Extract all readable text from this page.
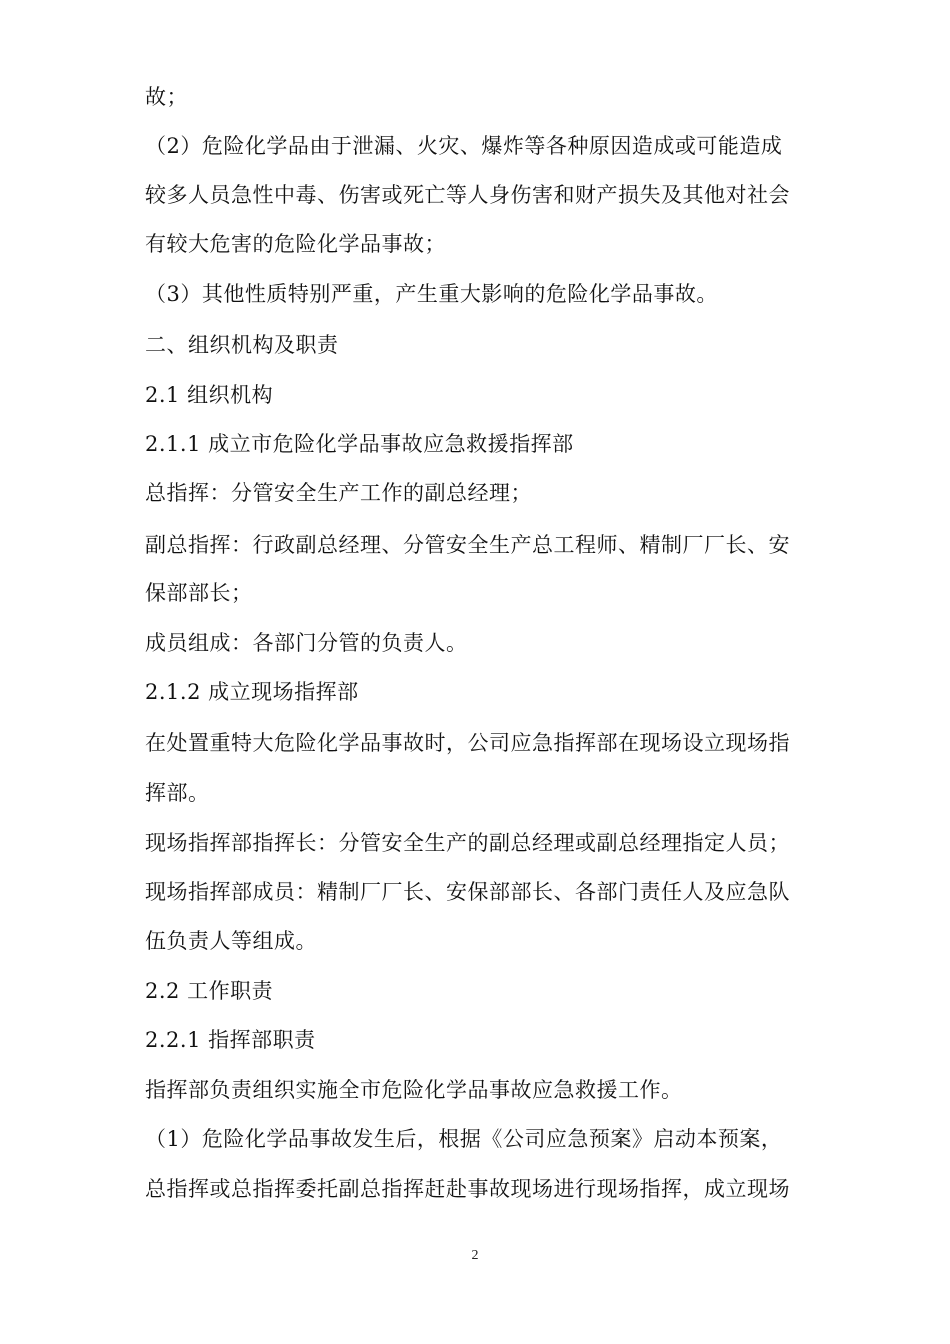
故；
（2）危险化学品由于泄漏、火灾、爆炸等各种原因造成或可能造成
较多人员急性中毒、伤害或死亡等人身伤害和财产损失及其他对社会
有较大危害的危险化学品事故；
（3）其他性质特别严重，产生重大影响的危险化学品事故。
二、组织机构及职责
2.1 组织机构
2.1.1 成立市危险化学品事故应急救援指挥部
总指挥：分管安全生产工作的副总经理；
副总指挥：行政副总经理、分管安全生产总工程师、精制厂厂长、安
保部部长；
成员组成：各部门分管的负责人。
2.1.2 成立现场指挥部
在处置重特大危险化学品事故时，公司应急指挥部在现场设立现场指
挥部。
现场指挥部指挥长：分管安全生产的副总经理或副总经理指定人员；
现场指挥部成员：精制厂厂长、安保部部长、各部门责任人及应急队
伍负责人等组成。
2.2 工作职责
2.2.1 指挥部职责
指挥部负责组织实施全市危险化学品事故应急救援工作。
（1）危险化学品事故发生后，根据《公司应急预案》启动本预案，
总指挥或总指挥委托副总指挥赶赴事故现场进行现场指挥，成立现场
2
